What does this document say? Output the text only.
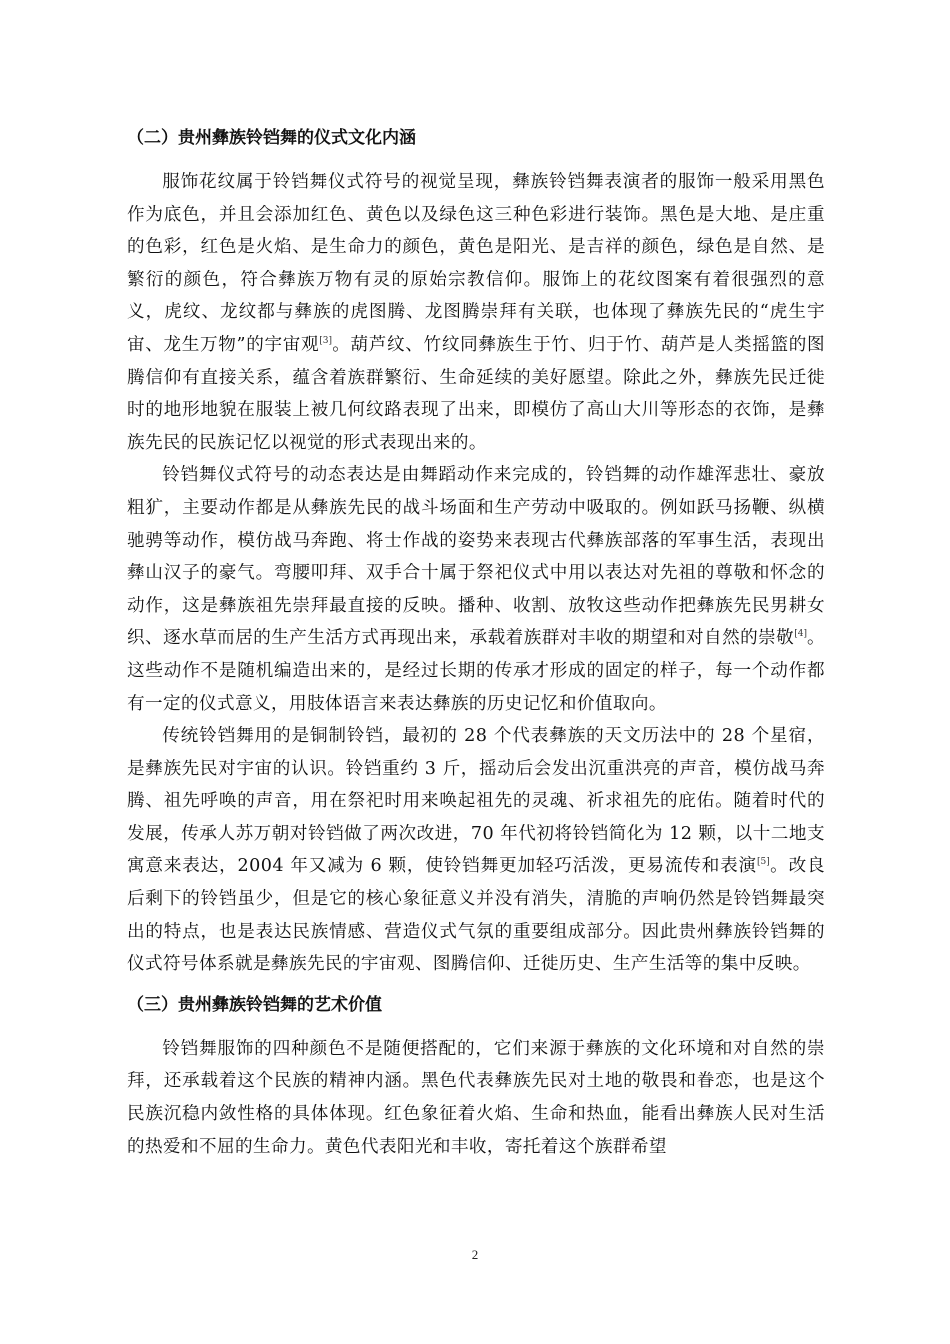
（二）贵州彝族铃铛舞的仪式文化内涵

服饰花纹属于铃铛舞仪式符号的视觉呈现，彝族铃铛舞表演者的服饰一般采用黑色作为底色，并且会添加红色、黄色以及绿色这三种色彩进行装饰。黑色是大地、是庄重的色彩，红色是火焰、是生命力的颜色，黄色是阳光、是吉祥的颜色，绿色是自然、是繁衍的颜色，符合彝族万物有灵的原始宗教信仰。服饰上的花纹图案有着很强烈的意义，虎纹、龙纹都与彝族的虎图腾、龙图腾崇拜有关联，也体现了彝族先民的“虎生宇宙、龙生万物”的宇宙观[3]。葫芦纹、竹纹同彝族生于竹、归于竹、葫芦是人类摇篮的图腾信仰有直接关系，蕴含着族群繁衍、生命延续的美好愿望。除此之外，彝族先民迁徙时的地形地貌在服装上被几何纹路表现了出来，即模仿了高山大川等形态的衣饰，是彝族先民的民族记忆以视觉的形式表现出来的。

铃铛舞仪式符号的动态表达是由舞蹈动作来完成的，铃铛舞的动作雄浑悲壮、豪放粗犷，主要动作都是从彝族先民的战斗场面和生产劳动中吸取的。例如跃马扬鞭、纵横驰骋等动作，模仿战马奔跑、将士作战的姿势来表现古代彝族部落的军事生活，表现出彝山汉子的豪气。弯腰叩拜、双手合十属于祭祀仪式中用以表达对先祖的尊敬和怀念的动作，这是彝族祖先崇拜最直接的反映。播种、收割、放牧这些动作把彝族先民男耕女织、逐水草而居的生产生活方式再现出来，承载着族群对丰收的期望和对自然的崇敬[4]。这些动作不是随机编造出来的，是经过长期的传承才形成的固定的样子，每一个动作都有一定的仪式意义，用肢体语言来表达彝族的历史记忆和价值取向。

传统铃铛舞用的是铜制铃铛，最初的 28 个代表彝族的天文历法中的 28 个星宿，是彝族先民对宇宙的认识。铃铛重约 3 斤，摇动后会发出沉重洪亮的声音，模仿战马奔腾、祖先呼唤的声音，用在祭祀时用来唤起祖先的灵魂、祈求祖先的庇佑。随着时代的发展，传承人苏万朝对铃铛做了两次改进，70 年代初将铃铛简化为 12 颗，以十二地支寓意来表达，2004 年又减为 6 颗，使铃铛舞更加轻巧活泼，更易流传和表演[5]。改良后剩下的铃铛虽少，但是它的核心象征意义并没有消失，清脆的声响仍然是铃铛舞最突出的特点，也是表达民族情感、营造仪式气氛的重要组成部分。因此贵州彝族铃铛舞的仪式符号体系就是彝族先民的宇宙观、图腾信仰、迁徙历史、生产生活等的集中反映。

（三）贵州彝族铃铛舞的艺术价值

铃铛舞服饰的四种颜色不是随便搭配的，它们来源于彝族的文化环境和对自然的崇拜，还承载着这个民族的精神内涵。黑色代表彝族先民对土地的敬畏和眷恋，也是这个民族沉稳内敛性格的具体体现。红色象征着火焰、生命和热血，能看出彝族人民对生活的热爱和不屈的生命力。黄色代表阳光和丰收，寄托着这个族群希望

2
